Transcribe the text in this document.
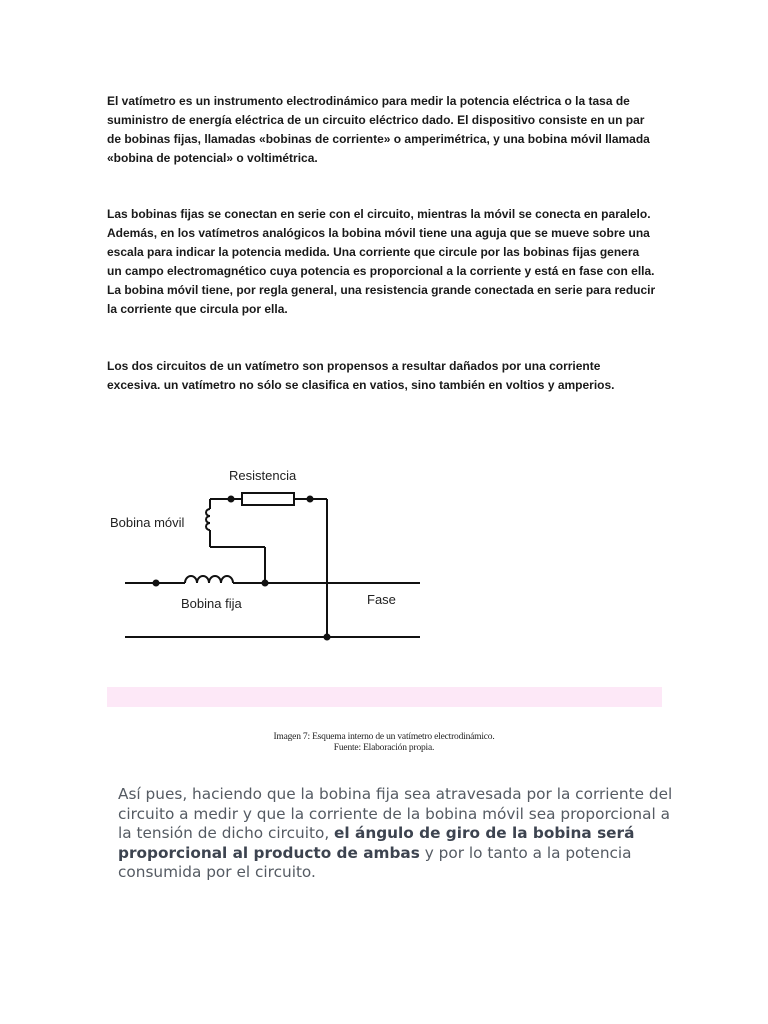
El vatímetro es un instrumento electrodinámico para medir la potencia eléctrica o la tasa de suministro de energía eléctrica de un circuito eléctrico dado. El dispositivo consiste en un par de bobinas fijas, llamadas «bobinas de corriente» o amperimétrica, y una bobina móvil llamada «bobina de potencial» o voltimétrica.

Las bobinas fijas se conectan en serie con el circuito, mientras la móvil se conecta en paralelo. Además, en los vatímetros analógicos la bobina móvil tiene una aguja que se mueve sobre una escala para indicar la potencia medida. Una corriente que circule por las bobinas fijas genera un campo electromagnético cuya potencia es proporcional a la corriente y está en fase con ella. La bobina móvil tiene, por regla general, una resistencia grande conectada en serie para reducir la corriente que circula por ella.

Los dos circuitos de un vatímetro son propensos a resultar dañados por una corriente excesiva. un vatímetro no sólo se clasifica en vatios, sino también en voltios y amperios.

Resistencia
Bobina móvil
Bobina fija	Fase

Imagen 7: Esquema interno de un vatímetro electrodinámico.

Fuente: Elaboración propia.

Así pues, haciendo que la bobina fija sea atravesada por la corriente del circuito a medir y que la corriente de la bobina móvil sea proporcional a la tensión de dicho circuito, el ángulo de giro de la bobina será proporcional al producto de ambas y por lo tanto a la potencia consumida por el circuito.
